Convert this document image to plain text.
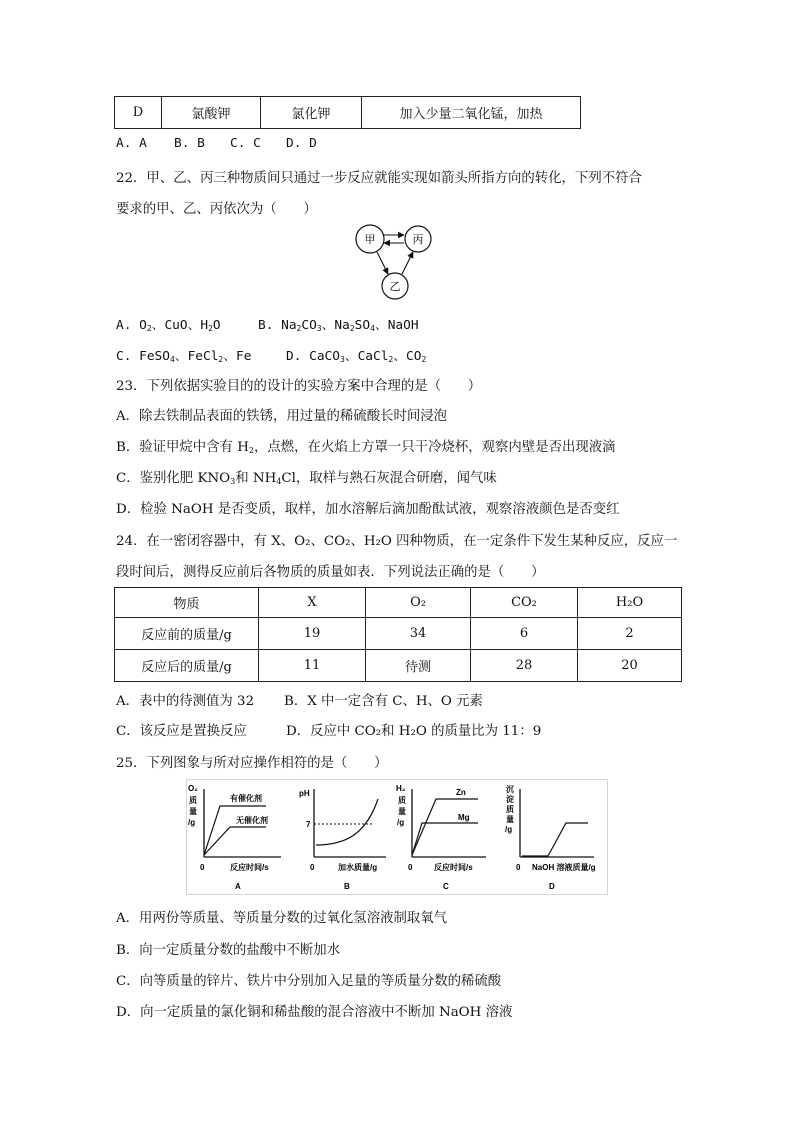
D	氯酸钾	氯化钾	加入少量二氧化锰，加热
A. A B. B C. C D. D
22．甲、乙、丙三种物质间只通过一步反应就能实现如箭头所指方向的转化，下列不符合
要求的甲、乙、丙依次为（　　）
甲	丙
乙
A. $O_2$、CuO、$H_2O$	B. $Na_2CO_3$、$Na_2SO_4$、NaOH
C. FeSO$_4$、FeCl$_2$、Fe	D. CaCO$_3$、CaCl$_2$、$CO_2$
23．下列依据实验目的的设计的实验方案中合理的是（　　）
A．除去铁制品表面的铁锈，用过量的稀硫酸长时间浸泡
B．验证甲烷中含有 $H_2$，点燃，在火焰上方罩一只干冷烧杯，观察内壁是否出现液滴
C．鉴别化肥 $KNO_3$和 $NH_4Cl$，取样与熟石灰混合研磨，闻气味
D．检验 NaOH 是否变质，取样，加水溶解后滴加酚酞试液，观察溶液颜色是否变红
24．在一密闭容器中，有 X、O₂、CO₂、H₂O 四种物质，在一定条件下发生某种反应，反应一
段时间后，测得反应前后各物质的质量如表．下列说法正确的是（　　）
物质	X	O₂	CO₂	H₂O
反应前的质量/g	19	34	6	2
反应后的质量/g	11	待测	28	20
A．表中的待测值为 32 B．X 中一定含有 C、H、O 元素
C．该反应是置换反应	D．反应中 CO₂和 H₂O 的质量比为 11：9
25．下列图象与所对应操作相符的是（　　）
O₂
质
量
/g
有催化剂
无催化剂
0	反应时间/s
A
pH
7
0	加水质量/g
B
H₂
质
量
/g
Zn
Mg
0	反应时间/s
C
沉
淀
质
量
/g
0 NaOH 溶液质量/g
D
A．用两份等质量、等质量分数的过氧化氢溶液制取氧气
B．向一定质量分数的盐酸中不断加水
C．向等质量的锌片、铁片中分别加入足量的等质量分数的稀硫酸
D．向一定质量的氯化铜和稀盐酸的混合溶液中不断加 NaOH 溶液
